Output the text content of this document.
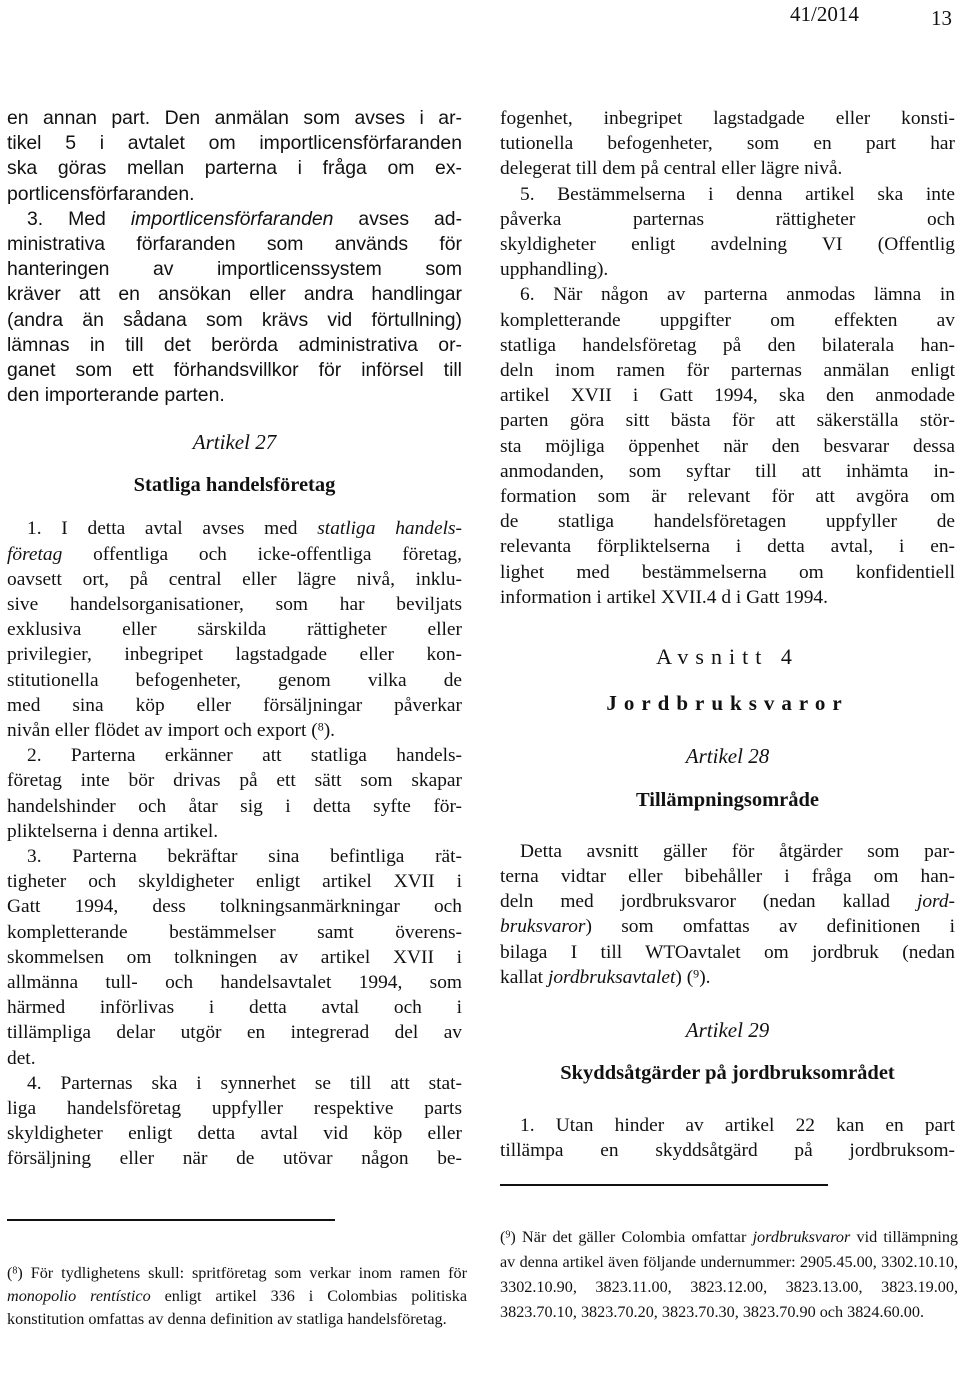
41/2014	13

en annan part. Den anmälan som avses i ar-

tikel 5 i avtalet om importlicensförfaranden

ska göras mellan parterna i fråga om ex-

portlicensförfaranden.

3. Med importlicensförfaranden avses ad-

ministrativa förfaranden som används för

hanteringen av importlicenssystem som

kräver att en ansökan eller andra handlingar

(andra än sådana som krävs vid förtullning)

lämnas in till det berörda administrativa or-

ganet som ett förhandsvillkor för införsel till

den importerande parten.

Artikel 27
Statliga handelsföretag

1. I detta avtal avses med statliga handels-

företag offentliga och icke-offentliga företag,

oavsett ort, på central eller lägre nivå, inklu-

sive handelsorganisationer, som har beviljats

exklusiva eller särskilda rättigheter eller

privilegier, inbegripet lagstadgade eller kon-

stitutionella befogenheter, genom vilka de

med sina köp eller försäljningar påverkar

nivån eller flödet av import och export ($^8$).

2. Parterna erkänner att statliga handels-

företag inte bör drivas på ett sätt som skapar

handelshinder och åtar sig i detta syfte för-

pliktelserna i denna artikel.

3. Parterna bekräftar sina befintliga rät-

tigheter och skyldigheter enligt artikel XVII i

Gatt 1994, dess tolkningsanmärkningar och

kompletterande bestämmelser samt överens-

skommelsen om tolkningen av artikel XVII i

allmänna tull- och handelsavtalet 1994, som

härmed införlivas i detta avtal och i

tillämpliga delar utgör en integrerad del av

det.

4. Parternas ska i synnerhet se till att stat-

liga handelsföretag uppfyller respektive parts

skyldigheter enligt detta avtal vid köp eller

försäljning eller när de utövar någon be-

fogenhet, inbegripet lagstadgade eller konsti-

tutionella befogenheter, som en part har

delegerat till dem på central eller lägre nivå.

5. Bestämmelserna i denna artikel ska inte

påverka parternas rättigheter och

skyldigheter enligt avdelning VI (Offentlig

upphandling).

6. När någon av parterna anmodas lämna in

kompletterande uppgifter om effekten av

statliga handelsföretag på den bilaterala han-

deln inom ramen för parternas anmälan enligt

artikel XVII i Gatt 1994, ska den anmodade

parten göra sitt bästa för att säkerställa stör-

sta möjliga öppenhet när den besvarar dessa

anmodanden, som syftar till att inhämta in-

formation som är relevant för att avgöra om

de statliga handelsföretagen uppfyller de

relevanta förpliktelserna i detta avtal, i en-

lighet med bestämmelserna om konfidentiell

information i artikel XVII.4 d i Gatt 1994.

Avsnitt 4
Jordbruksvaror
Artikel 28
Tillämpningsområde

Detta avsnitt gäller för åtgärder som par-

terna vidtar eller bibehåller i fråga om han-

deln med jordbruksvaror (nedan kallad jord-

bruksvaror) som omfattas av definitionen i

bilaga I till WTOavtalet om jordbruk (nedan

kallat jordbruksavtalet) ($^9$).

Artikel 29
Skyddsåtgärder på jordbruksområdet

1. Utan hinder av artikel 22 kan en part

tillämpa en skyddsåtgärd på jordbruksom-

($^8$) För tydlighetens skull: spritföretag som verkar inom ramen för monopolio rentístico enligt artikel 336 i Colombias politiska konstitution omfattas av denna definition av statliga handelsföretag.
($^9$) När det gäller Colombia omfattar jordbruksvaror vid tillämpning av denna artikel även följande undernummer: 2905.45.00, 3302.10.10, 3302.10.90, 3823.11.00, 3823.12.00, 3823.13.00, 3823.19.00, 3823.70.10, 3823.70.20, 3823.70.30, 3823.70.90 och 3824.60.00.
